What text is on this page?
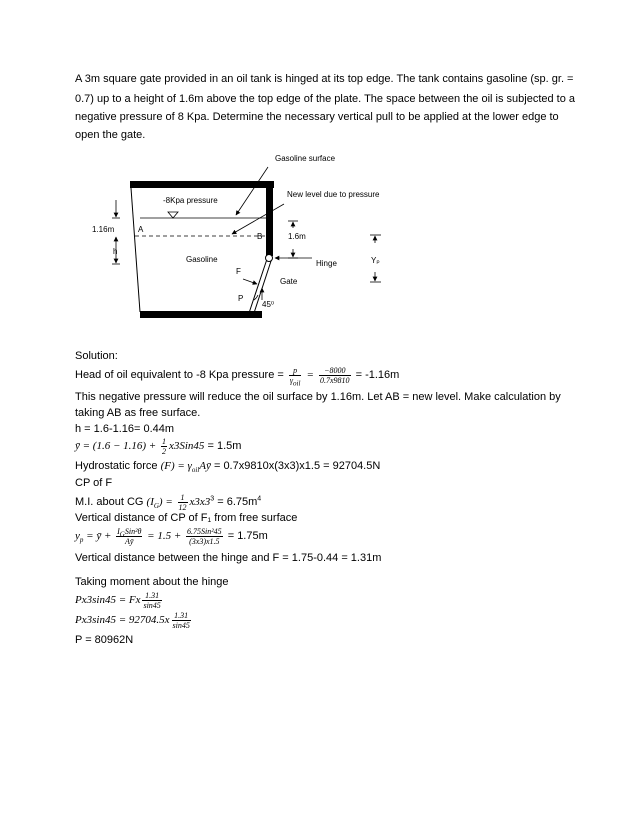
A 3m square gate provided in an oil tank is hinged at its top edge. The tank contains gasoline (sp. gr. =

0.7) up to a height of 1.6m above the top edge of the plate. The space between the oil is subjected to a

negative pressure of 8 Kpa. Determine the necessary vertical pull to be applied at the lower edge to

open the gate.

Gasoline surface
New level due to pressure
-8Kpa pressure
1.16m	A
B
h
1.6m
Yₚ
Gasoline	Hinge
F
Gate
P
45⁰

Solution:

Head of oil equivalent to -8 Kpa pressure = p
$\gamma_{oil}$
= $\frac{-8000}{0.7x9810} = -1.16m$

This negative pressure will reduce the oil surface by 1.16m. Let AB = new level. Make calculation by

taking AB as free surface.

h = 1.6-1.16= 0.44m

ȳ = $(1.6 - 1.16) + \frac{1}{2} x3Sin45 = 1.5m$

Hydrostatic force $(F) = \gamma_{oil}Aȳ = 0.7x9810x(3x3)x1.5 = 92704.5N$

CP of F

M.I. about CG $(I_G) = \frac{1}{12} x3x3^3 = 6.75m^4$

Vertical distance of CP of F₁ from free surface

$y_p$ = ȳ + $I_GSin^2\theta$
Aȳ = 1.5 + 6.75Sin²45
(3x3)x1.5 = 1.75m

Vertical distance between the hinge and F = 1.75-0.44 = 1.31m

Taking moment about the hinge

Px3sin45 = Fx $\frac{1.31}{\sin 45}$

$Px3\sin 45 = 92704.5x \frac{1.31}{\sin 45}$

P = 80962N
